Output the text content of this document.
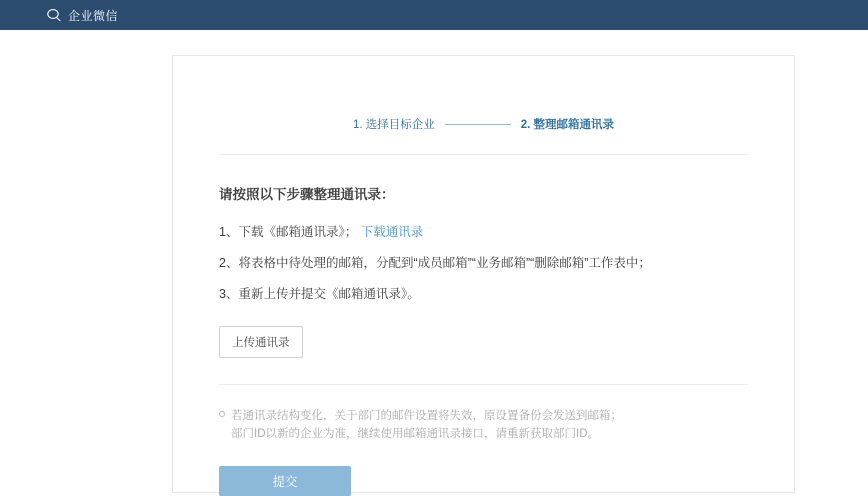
企业微信
1. 选择目标企业	2. 整理邮箱通讯录
请按照以下步骤整理通讯录：
1、下载《邮箱通讯录》； 下载通讯录
2、将表格中待处理的邮箱，分配到“成员邮箱”“业务邮箱”“删除邮箱”工作表中；
3、重新上传并提交《邮箱通讯录》。
上传通讯录
若通讯录结构变化，关于部门的邮件设置将失效，原设置备份会发送到邮箱；
部门ID以新的企业为准，继续使用邮箱通讯录接口，请重新获取部门ID。
提交
